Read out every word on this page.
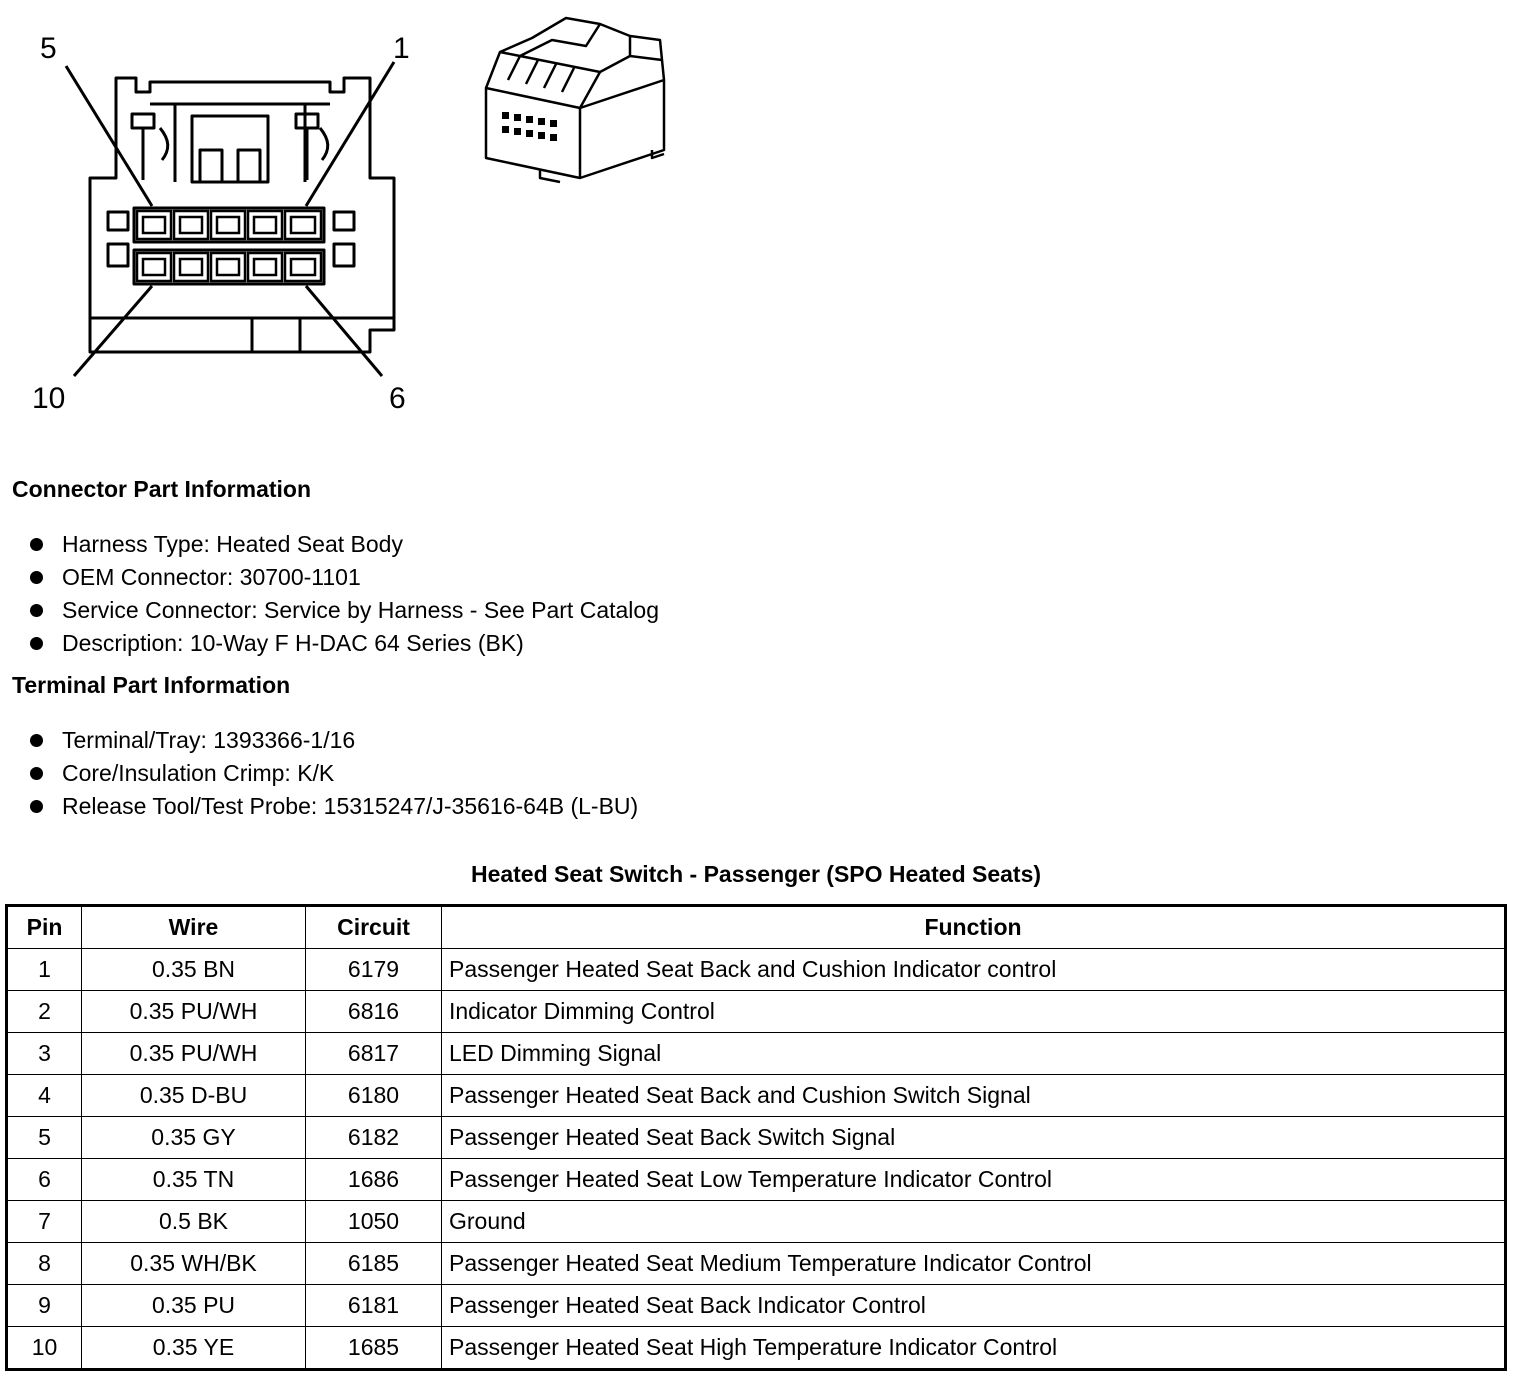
5	1
10	6
Connector Part Information
Harness Type: Heated Seat Body
OEM Connector: 30700-1101
Service Connector: Service by Harness - See Part Catalog
Description: 10-Way F H-DAC 64 Series (BK)
Terminal Part Information
Terminal/Tray: 1393366-1/16
Core/Insulation Crimp: K/K
Release Tool/Test Probe: 15315247/J-35616-64B (L-BU)
Heated Seat Switch - Passenger (SPO Heated Seats)
Pin	Wire	Circuit	Function
1	0.35 BN	6179	Passenger Heated Seat Back and Cushion Indicator control
2	0.35 PU/WH	6816	Indicator Dimming Control
3	0.35 PU/WH	6817	LED Dimming Signal
4	0.35 D-BU	6180	Passenger Heated Seat Back and Cushion Switch Signal
5	0.35 GY	6182	Passenger Heated Seat Back Switch Signal
6	0.35 TN	1686	Passenger Heated Seat Low Temperature Indicator Control
7	0.5 BK	1050	Ground
8	0.35 WH/BK	6185	Passenger Heated Seat Medium Temperature Indicator Control
9	0.35 PU	6181	Passenger Heated Seat Back Indicator Control
10	0.35 YE	1685	Passenger Heated Seat High Temperature Indicator Control
